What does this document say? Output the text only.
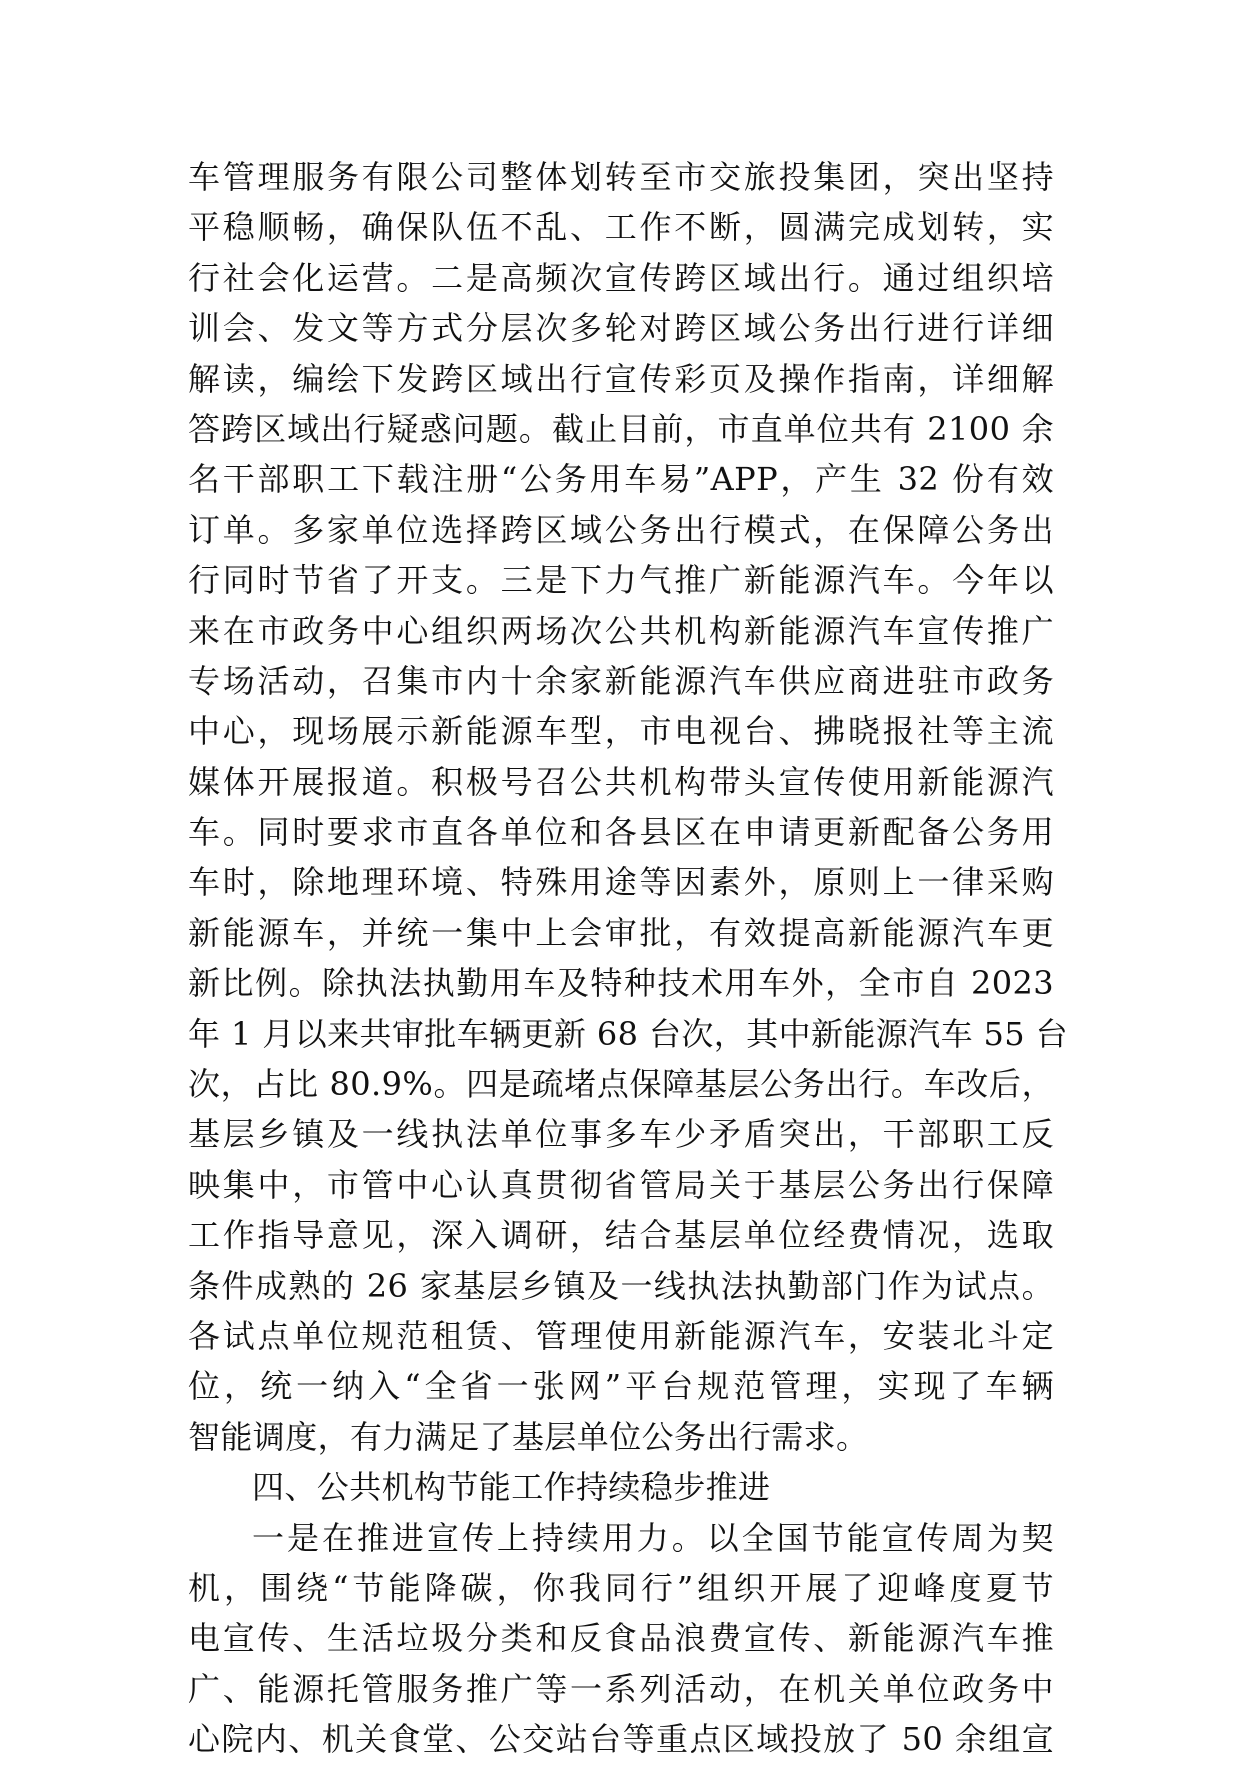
车管理服务有限公司整体划转至市交旅投集团，突出坚持
平稳顺畅，确保队伍不乱、工作不断，圆满完成划转，实
行社会化运营。二是高频次宣传跨区域出行。通过组织培
训会、发文等方式分层次多轮对跨区域公务出行进行详细
解读，编绘下发跨区域出行宣传彩页及操作指南，详细解
答跨区域出行疑惑问题。截止目前，市直单位共有 2100 余
名干部职工下载注册“公务用车易”APP，产生 32 份有效
订单。多家单位选择跨区域公务出行模式，在保障公务出
行同时节省了开支。三是下力气推广新能源汽车。今年以
来在市政务中心组织两场次公共机构新能源汽车宣传推广
专场活动，召集市内十余家新能源汽车供应商进驻市政务
中心，现场展示新能源车型，市电视台、拂晓报社等主流
媒体开展报道。积极号召公共机构带头宣传使用新能源汽
车。同时要求市直各单位和各县区在申请更新配备公务用
车时，除地理环境、特殊用途等因素外，原则上一律采购
新能源车，并统一集中上会审批，有效提高新能源汽车更
新比例。除执法执勤用车及特种技术用车外，全市自 2023
年 1 月以来共审批车辆更新 68 台次，其中新能源汽车 55 台
次，占比 80.9%。四是疏堵点保障基层公务出行。车改后，
基层乡镇及一线执法单位事多车少矛盾突出，干部职工反
映集中，市管中心认真贯彻省管局关于基层公务出行保障
工作指导意见，深入调研，结合基层单位经费情况，选取
条件成熟的 26 家基层乡镇及一线执法执勤部门作为试点。
各试点单位规范租赁、管理使用新能源汽车，安装北斗定
位，统一纳入“全省一张网”平台规范管理，实现了车辆
智能调度，有力满足了基层单位公务出行需求。
四、公共机构节能工作持续稳步推进
一是在推进宣传上持续用力。以全国节能宣传周为契
机，围绕“节能降碳，你我同行”组织开展了迎峰度夏节
电宣传、生活垃圾分类和反食品浪费宣传、新能源汽车推
广、能源托管服务推广等一系列活动，在机关单位政务中
心院内、机关食堂、公交站台等重点区域投放了 50 余组宣
